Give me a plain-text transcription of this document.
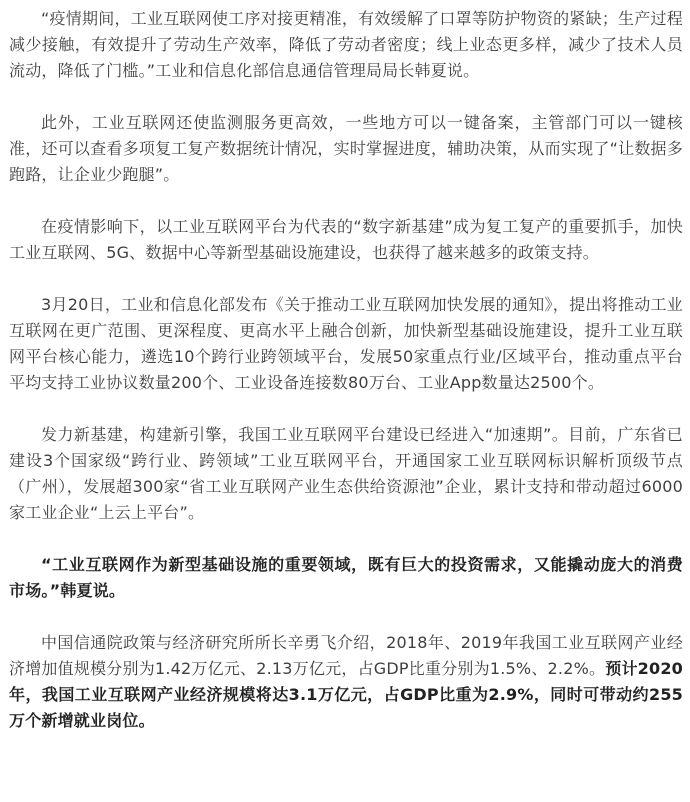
“疫情期间，工业互联网使工序对接更精准，有效缓解了口罩等防护物资的紧缺；生产过程减少接触，有效提升了劳动生产效率，降低了劳动者密度；线上业态更多样，减少了技术人员流动，降低了门槛。”工业和信息化部信息通信管理局局长韩夏说。

此外，工业互联网还使监测服务更高效，一些地方可以一键备案，主管部门可以一键核准，还可以查看多项复工复产数据统计情况，实时掌握进度，辅助决策，从而实现了“让数据多跑路，让企业少跑腿”。

在疫情影响下，以工业互联网平台为代表的“数字新基建”成为复工复产的重要抓手，加快工业互联网、5G、数据中心等新型基础设施建设，也获得了越来越多的政策支持。

3月20日，工业和信息化部发布《关于推动工业互联网加快发展的通知》，提出将推动工业互联网在更广范围、更深程度、更高水平上融合创新，加快新型基础设施建设，提升工业互联网平台核心能力，遴选10个跨行业跨领域平台，发展50家重点行业/区域平台，推动重点平台平均支持工业协议数量200个、工业设备连接数80万台、工业App数量达2500个。

发力新基建，构建新引擎，我国工业互联网平台建设已经进入“加速期”。目前，广东省已建设3个国家级“跨行业、跨领域”工业互联网平台，开通国家工业互联网标识解析顶级节点（广州），发展超300家“省工业互联网产业生态供给资源池”企业，累计支持和带动超过6000家工业企业“上云上平台”。

“工业互联网作为新型基础设施的重要领域，既有巨大的投资需求，又能撬动庞大的消费市场。”韩夏说。

中国信通院政策与经济研究所所长辛勇飞介绍，2018年、2019年我国工业互联网产业经济增加值规模分别为1.42万亿元、2.13万亿元，占GDP比重分别为1.5%、2.2%。预计2020年，我国工业互联网产业经济规模将达3.1万亿元，占GDP比重为2.9%，同时可带动约255万个新增就业岗位。
